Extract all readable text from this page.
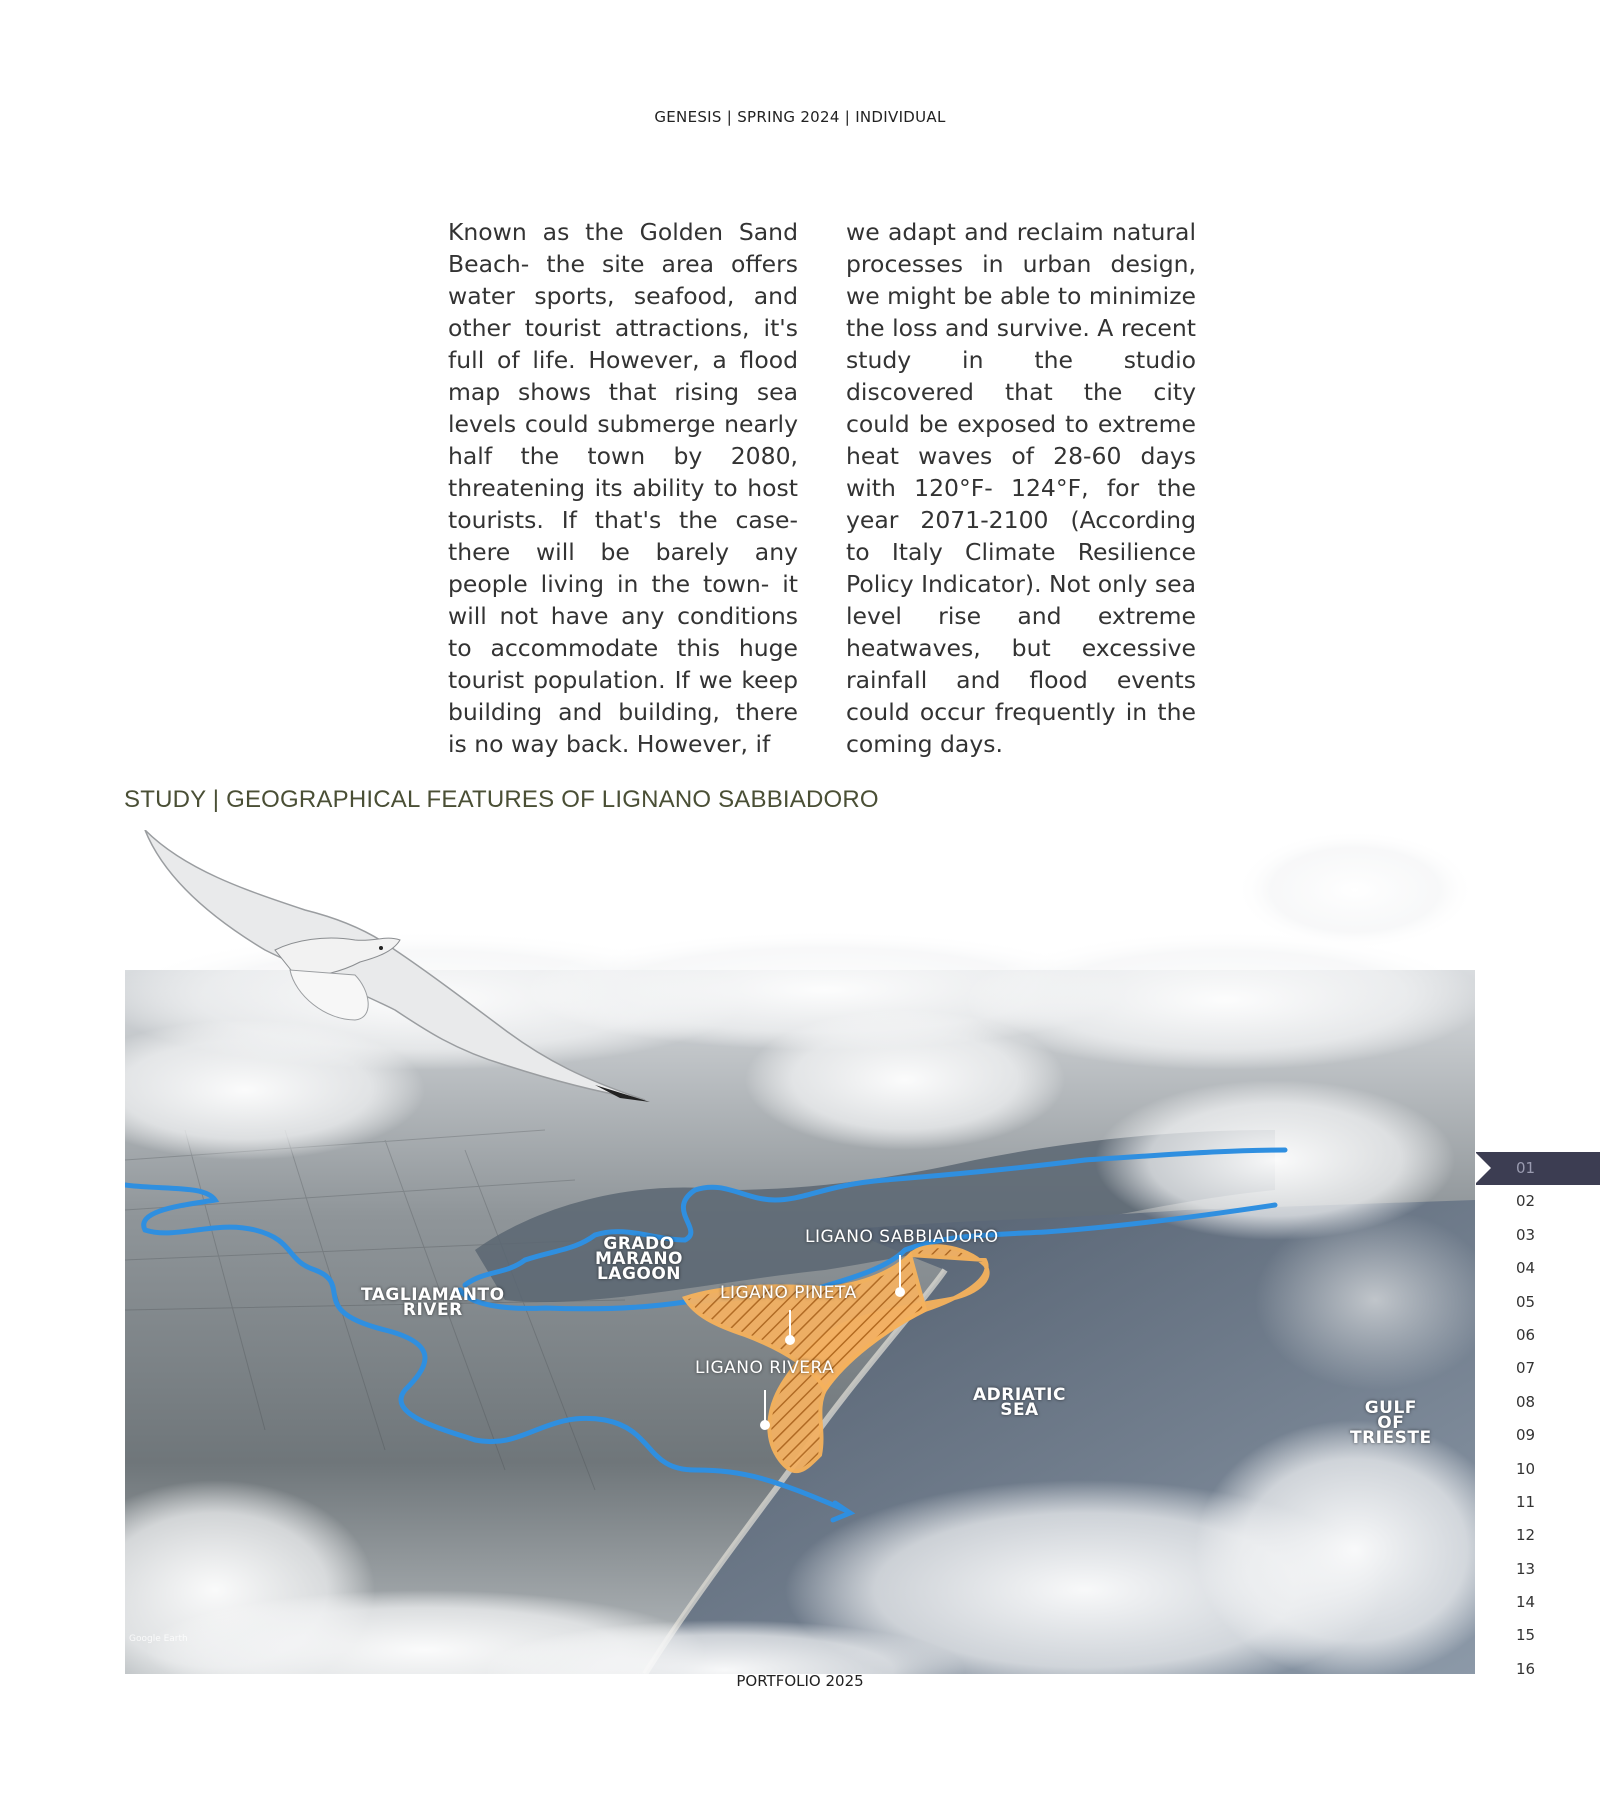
GENESIS | SPRING 2024 | INDIVIDUAL
Known as the Golden Sand Beach- the site area offers water sports, seafood, and other tourist attractions, it's full of life. However, a flood map shows that rising sea levels could submerge nearly half the town by 2080, threatening its ability to host tourists. If that's the case- there will be barely any people living in the town- it will not have any conditions to accommodate this huge tourist population. If we keep building and building, there is no way back. However, if
we adapt and reclaim natural processes in urban design, we might be able to minimize the loss and survive. A recent study in the studio discovered that the city could be exposed to extreme heat waves of 28-60 days with 120°F- 124°F, for the year 2071-2100 (According to Italy Climate Resilience Policy Indicator). Not only sea level rise and extreme heatwaves, but excessive rainfall and flood events could occur frequently in the coming days.
STUDY | GEOGRAPHICAL FEATURES OF LIGNANO SABBIADORO
TAGLIAMANTO
RIVER
GRADO
MARANO
LAGOON
LIGANO SABBIADORO
LIGANO PINETA
LIGANO RIVERA
ADRIATIC
SEA	GULF
OF
TRIESTE
Google Earth
01
02
03
04
05
06
07
08
09
10
11
12
13
14
15
16
PORTFOLIO 2025
